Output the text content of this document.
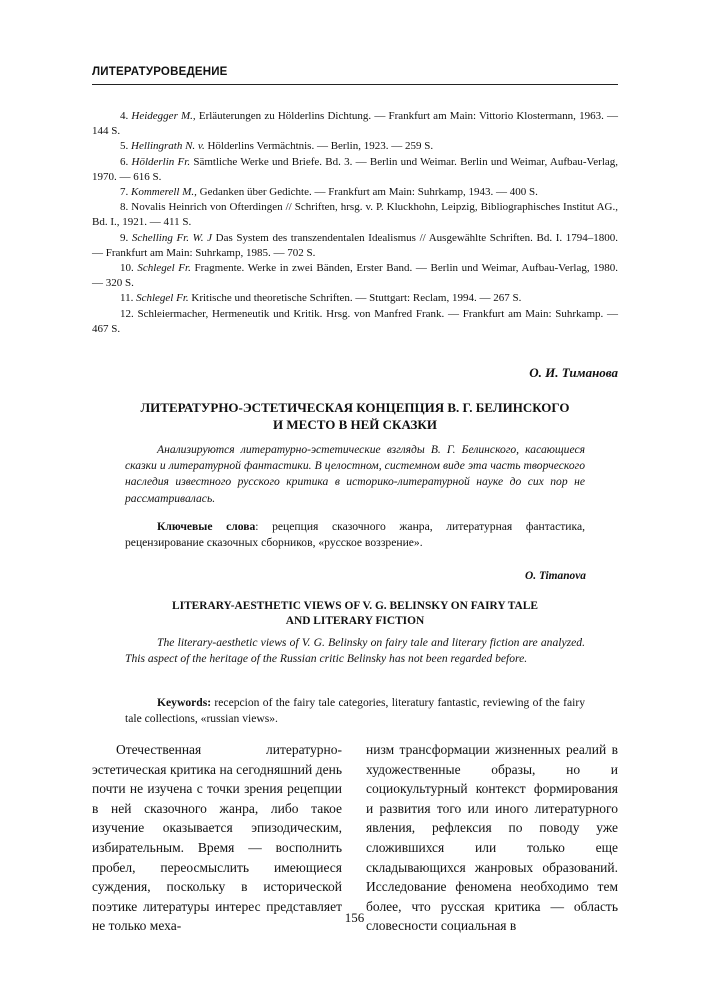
ЛИТЕРАТУРОВЕДЕНИЕ

4. Heidegger M., Erläuterungen zu Hölderlins Dichtung. — Frankfurt am Main: Vittorio Klostermann, 1963. — 144 S.

5. Hellingrath N. v. Hölderlins Vermächtnis. — Berlin, 1923. — 259 S.

6. Hölderlin Fr. Sämtliche Werke und Briefe. Bd. 3. — Berlin und Weimar. Berlin und Weimar, Aufbau-Verlag, 1970. — 616 S.

7. Kommerell M., Gedanken über Gedichte. — Frankfurt am Main: Suhrkamp, 1943. — 400 S.

8. Novalis Heinrich von Ofterdingen // Schriften, hrsg. v. P. Kluckhohn, Leipzig, Bibliographisches Institut AG., Bd. I., 1921. — 411 S.

9. Schelling Fr. W. J Das System des transzendentalen Idealismus // Ausgewählte Schriften. Bd. I. 1794–1800. — Frankfurt am Main: Suhrkamp, 1985. — 702 S.

10. Schlegel Fr. Fragmente. Werke in zwei Bänden, Erster Band. — Berlin und Weimar, Aufbau-Verlag, 1980. — 320 S.

11. Schlegel Fr. Kritische und theoretische Schriften. — Stuttgart: Reclam, 1994. — 267 S.

12. Schleiermacher, Hermeneutik und Kritik. Hrsg. von Manfred Frank. — Frankfurt am Main: Suhrkamp. — 467 S.

О. И. Тиманова
ЛИТЕРАТУРНО-ЭСТЕТИЧЕСКАЯ КОНЦЕПЦИЯ В. Г. БЕЛИНСКОГО
И МЕСТО В НЕЙ СКАЗКИ

Анализируются литературно-эстетические взгляды В. Г. Белинского, касающиеся сказки и литературной фантастики. В целостном, системном виде эта часть творческого наследия известного русского критика в историко-литературной науке до сих пор не рассматривалась.

Ключевые слова: рецепция сказочного жанра, литературная фантастика, рецензирование сказочных сборников, «русское воззрение».

O. Timanova
LITERARY-AESTHETIC VIEWS OF V. G. BELINSKY ON FAIRY TALE
AND LITERARY FICTION

The literary-aesthetic views of V. G. Belinsky on fairy tale and literary fiction are analyzed. This aspect of the heritage of the Russian critic Belinsky has not been regarded before.

Keywords: recepcion of the fairy tale categories, literatury fantastic, reviewing of the fairy tale collections, «russian views».

Отечественная литературно-эстетическая критика на сегодняшний день почти не изучена с точки зрения рецепции в ней сказочного жанра, либо такое изучение оказывается эпизодическим, избирательным. Время — восполнить пробел, переосмыслить имеющиеся суждения, поскольку в исторической поэтике литературы интерес представляет не только меха-

низм трансформации жизненных реалий в художественные образы, но и социокультурный контекст формирования и развития того или иного литературного явления, рефлексия по поводу уже сложившихся или только еще складывающихся жанровых образований. Исследование феномена необходимо тем более, что русская критика — область словесности социальная в

156
